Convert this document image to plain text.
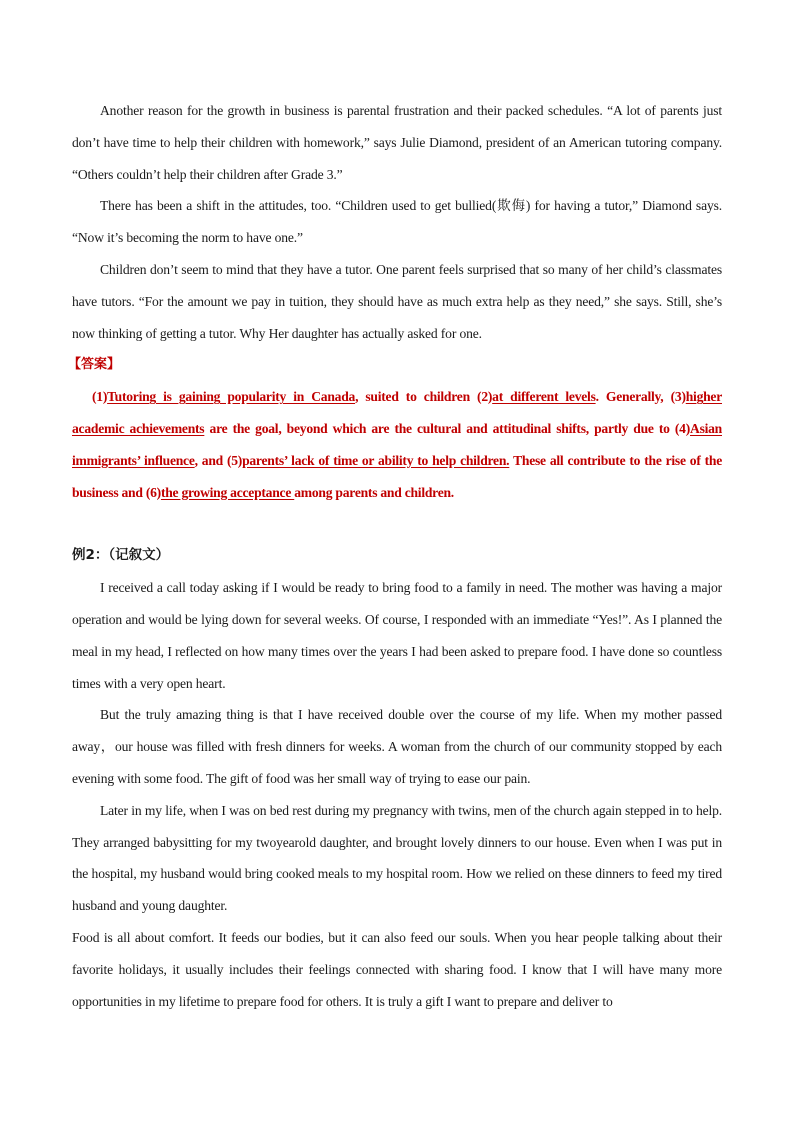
Another reason for the growth in business is parental frustration and their packed schedules. “A lot of parents just don’t have time to help their children with homework,” says Julie Diamond, president of an American tutoring company. “Others couldn’t help their children after Grade 3.”

There has been a shift in the attitudes, too. “Children used to get bullied(欺侮) for having a tutor,” Diamond says. “Now it’s becoming the norm to have one.”

Children don’t seem to mind that they have a tutor. One parent feels surprised that so many of her child’s classmates have tutors. “For the amount we pay in tuition, they should have as much extra help as they need,” she says. Still, she’s now thinking of getting a tutor. Why Her daughter has actually asked for one.

【答案】

(1)Tutoring is gaining popularity in Canada, suited to children (2)at different levels. Generally, (3)higher academic achievements are the goal, beyond which are the cultural and attitudinal shifts, partly due to (4)Asian immigrants’ influence, and (5)parents’ lack of time or ability to help children. These all contribute to the rise of the business and (6)the growing acceptance among parents and children.

例2：（记叙文）

I received a call today asking if I would be ready to bring food to a family in need. The mother was having a major operation and would be lying down for several weeks. Of course, I responded with an immediate “Yes!”. As I planned the meal in my head, I reflected on how many times over the years I had been asked to prepare food. I have done so countless times with a very open heart.

But the truly amazing thing is that I have received double over the course of my life. When my mother passed away，our house was filled with fresh dinners for weeks. A woman from the church of our community stopped by each evening with some food. The gift of food was her small way of trying to ease our pain.

Later in my life, when I was on bed rest during my pregnancy with twins, men of the church again stepped in to help. They arranged babysitting for my twoyearold daughter, and brought lovely dinners to our house. Even when I was put in the hospital, my husband would bring cooked meals to my hospital room. How we relied on these dinners to feed my tired husband and young daughter.

Food is all about comfort. It feeds our bodies, but it can also feed our souls. When you hear people talking about their favorite holidays, it usually includes their feelings connected with sharing food. I know that I will have many more opportunities in my lifetime to prepare food for others. It is truly a gift I want to prepare and deliver to
